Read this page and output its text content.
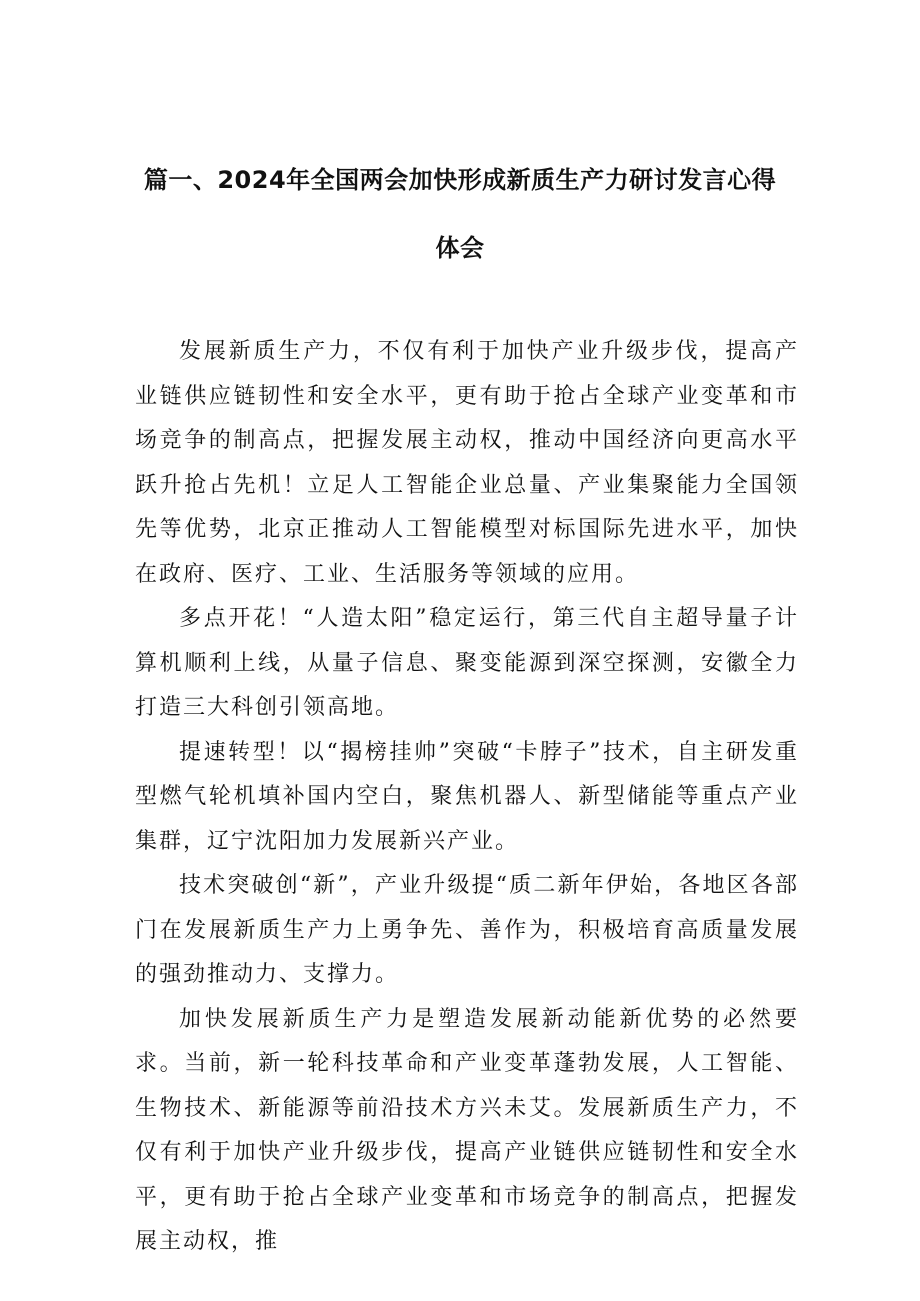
篇一、2024年全国两会加快形成新质生产力研讨发言心得
体会

发展新质生产力，不仅有利于加快产业升级步伐，提高产业链供应链韧性和安全水平，更有助于抢占全球产业变革和市场竞争的制高点，把握发展主动权，推动中国经济向更高水平跃升抢占先机！立足人工智能企业总量、产业集聚能力全国领先等优势，北京正推动人工智能模型对标国际先进水平，加快在政府、医疗、工业、生活服务等领域的应用。

多点开花！“人造太阳”稳定运行，第三代自主超导量子计算机顺利上线，从量子信息、聚变能源到深空探测，安徽全力打造三大科创引领高地。

提速转型！以“揭榜挂帅”突破“卡脖子”技术，自主研发重型燃气轮机填补国内空白，聚焦机器人、新型储能等重点产业集群，辽宁沈阳加力发展新兴产业。

技术突破创“新”，产业升级提“质二新年伊始，各地区各部门在发展新质生产力上勇争先、善作为，积极培育高质量发展的强劲推动力、支撑力。

加快发展新质生产力是塑造发展新动能新优势的必然要求。当前，新一轮科技革命和产业变革蓬勃发展，人工智能、生物技术、新能源等前沿技术方兴未艾。发展新质生产力，不仅有利于加快产业升级步伐，提高产业链供应链韧性和安全水平，更有助于抢占全球产业变革和市场竞争的制高点，把握发展主动权，推
